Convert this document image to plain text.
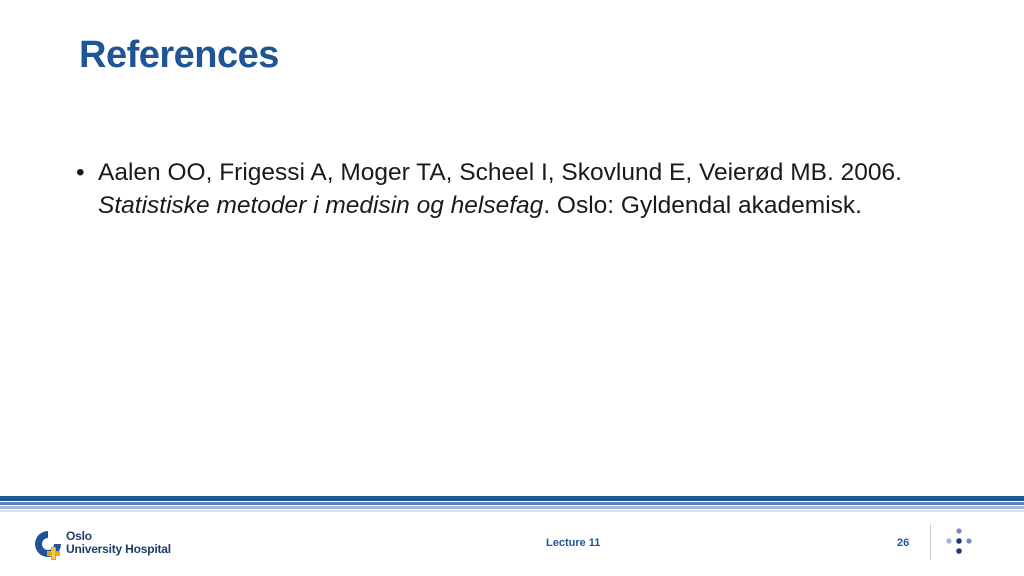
References
• Aalen OO, Frigessi A, Moger TA, Scheel I, Skovlund E, Veierød MB. 2006. Statistiske metoder i medisin og helsefag. Oslo: Gyldendal akademisk.
Oslo
University Hospital	Lecture 11	26
